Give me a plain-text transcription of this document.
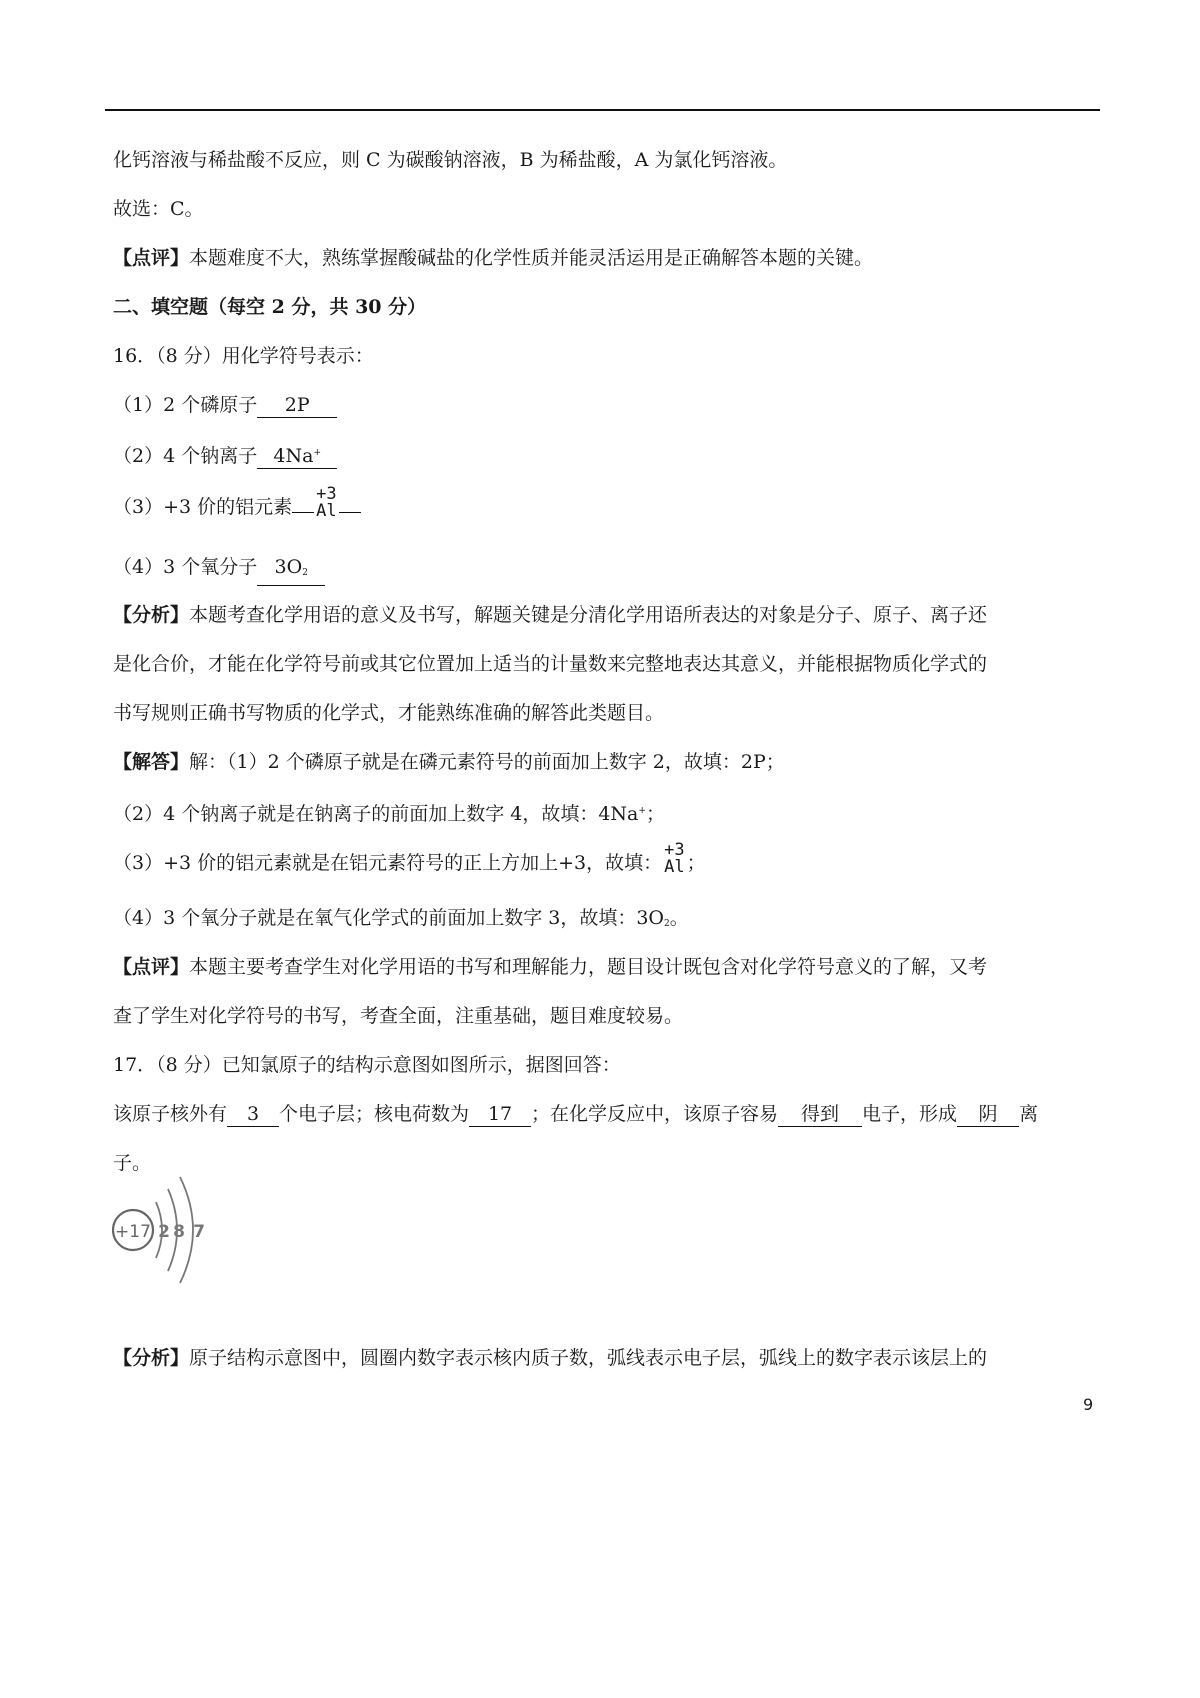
化钙溶液与稀盐酸不反应，则 C 为碳酸钠溶液，B 为稀盐酸，A 为氯化钙溶液。
故选：C。
【点评】本题难度不大，熟练掌握酸碱盐的化学性质并能灵活运用是正确解答本题的关键。
二、填空题（每空 2 分，共 30 分）
16．（8 分）用化学符号表示：
（1）2 个磷原子 2P
（2）4 个钠离子 4Na+
（3）+3 价的铝元素
+3
Al
（4）3 个氧分子 $3O_2$
【分析】本题考查化学用语的意义及书写，解题关键是分清化学用语所表达的对象是分子、原子、离子还
是化合价，才能在化学符号前或其它位置加上适当的计量数来完整地表达其意义，并能根据物质化学式的
书写规则正确书写物质的化学式，才能熟练准确的解答此类题目。
【解答】解：（1）2 个磷原子就是在磷元素符号的前面加上数字 2，故填：2P；
（2）4 个钠离子就是在钠离子的前面加上数字 4，故填：4Na+；
（3）+3 价的铝元素就是在铝元素符号的正上方加上+3，故填：
+3
Al ；
（4）3 个氧分子就是在氧气化学式的前面加上数字 3，故填：$3O_2$。
【点评】本题主要考查学生对化学用语的书写和理解能力，题目设计既包含对化学符号意义的了解，又考
查了学生对化学符号的书写，考查全面，注重基础，题目难度较易。
17．（8 分）已知氯原子的结构示意图如图所示，据图回答：
该原子核外有 3 个电子层；核电荷数为 17 ；在化学反应中，该原子容易 得到 电子，形成 阴 离
子。
+17 2 8 7
【分析】原子结构示意图中，圆圈内数字表示核内质子数，弧线表示电子层，弧线上的数字表示该层上的
9
